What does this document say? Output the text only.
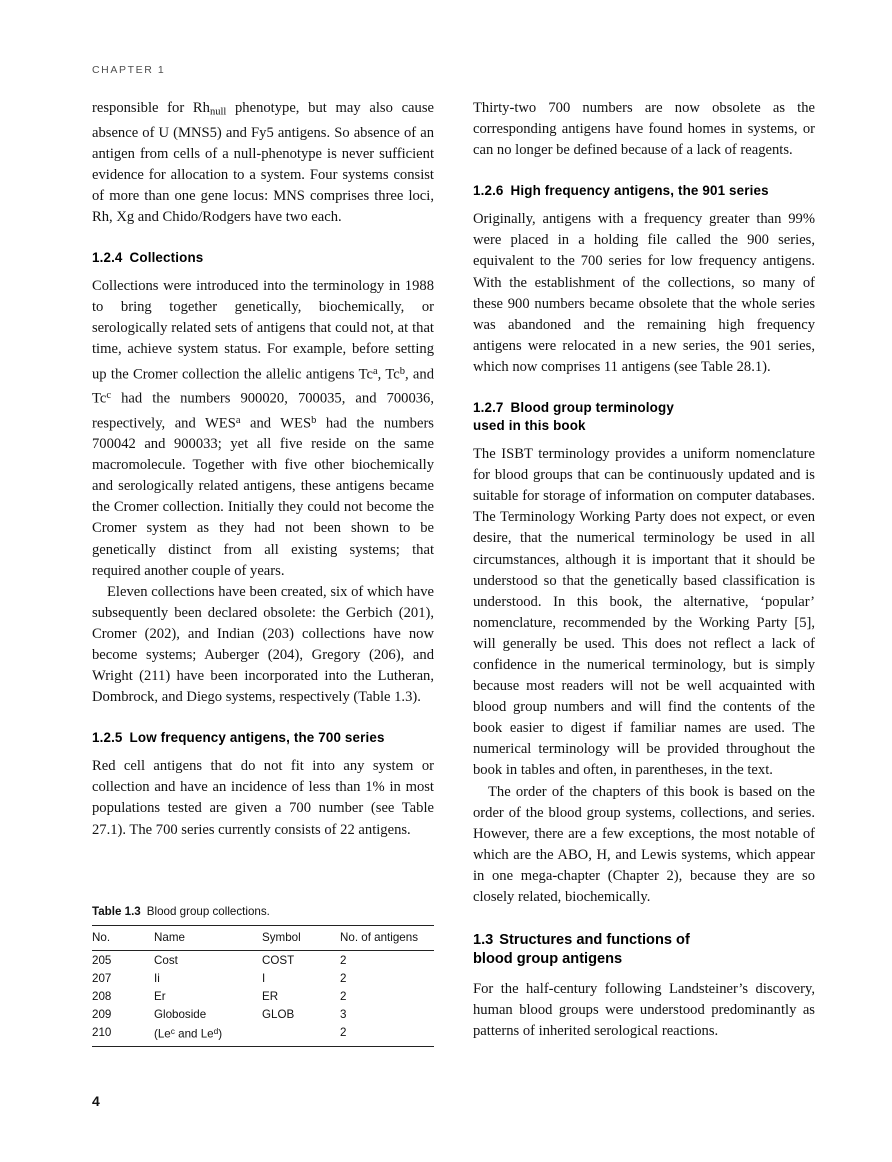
CHAPTER 1

responsible for $Rh_{null}$ phenotype, but may also cause absence of U (MNS5) and Fy5 antigens. So absence of an antigen from cells of a null-phenotype is never sufficient evidence for allocation to a system. Four systems consist of more than one gene locus: MNS comprises three loci, Rh, Xg and Chido/Rodgers have two each.

1.2.4 Collections

Collections were introduced into the terminology in 1988 to bring together genetically, biochemically, or serologically related sets of antigens that could not, at that time, achieve system status. For example, before setting up the Cromer collection the allelic antigens Tc$^a$, Tc$^b$, and Tc$^c$ had the numbers 900020, 700035, and 700036, respectively, and WES$^a$ and WES$^b$ had the numbers 700042 and 900033; yet all five reside on the same macromolecule. Together with five other biochemically and serologically related antigens, these antigens became the Cromer collection. Initially they could not become the Cromer system as they had not been shown to be genetically distinct from all existing systems; that required another couple of years.

Eleven collections have been created, six of which have subsequently been declared obsolete: the Gerbich (201), Cromer (202), and Indian (203) collections have now become systems; Auberger (204), Gregory (206), and Wright (211) have been incorporated into the Lutheran, Dombrock, and Diego systems, respectively (Table 1.3).

1.2.5 Low frequency antigens, the 700 series

Red cell antigens that do not fit into any system or collection and have an incidence of less than 1% in most populations tested are given a 700 number (see Table 27.1). The 700 series currently consists of 22 antigens.

Table 1.3 Blood group collections.
No.	Name	Symbol	No. of antigens
205	Cost	COST	2
207	Ii	I	2
208	Er	ER	2
209	Globoside	GLOB	3
210	(Le$^c$ and Le$^d$)		2

Thirty-two 700 numbers are now obsolete as the corresponding antigens have found homes in systems, or can no longer be defined because of a lack of reagents.

1.2.6 High frequency antigens, the 901 series

Originally, antigens with a frequency greater than 99% were placed in a holding file called the 900 series, equivalent to the 700 series for low frequency antigens. With the establishment of the collections, so many of these 900 numbers became obsolete that the whole series was abandoned and the remaining high frequency antigens were relocated in a new series, the 901 series, which now comprises 11 antigens (see Table 28.1).

1.2.7 Blood group terminology
used in this book

The ISBT terminology provides a uniform nomenclature for blood groups that can be continuously updated and is suitable for storage of information on computer databases. The Terminology Working Party does not expect, or even desire, that the numerical terminology be used in all circumstances, although it is important that it should be understood so that the genetically based classification is understood. In this book, the alternative, ‘popular’ nomenclature, recommended by the Working Party [5], will generally be used. This does not reflect a lack of confidence in the numerical terminology, but is simply because most readers will not be well acquainted with blood group numbers and will find the contents of the book easier to digest if familiar names are used. The numerical terminology will be provided throughout the book in tables and often, in parentheses, in the text.

The order of the chapters of this book is based on the order of the blood group systems, collections, and series. However, there are a few exceptions, the most notable of which are the ABO, H, and Lewis systems, which appear in one mega-chapter (Chapter 2), because they are so closely related, biochemically.

1.3 Structures and functions of
blood group antigens

For the half-century following Landsteiner’s discovery, human blood groups were understood predominantly as patterns of inherited serological reactions.

4
